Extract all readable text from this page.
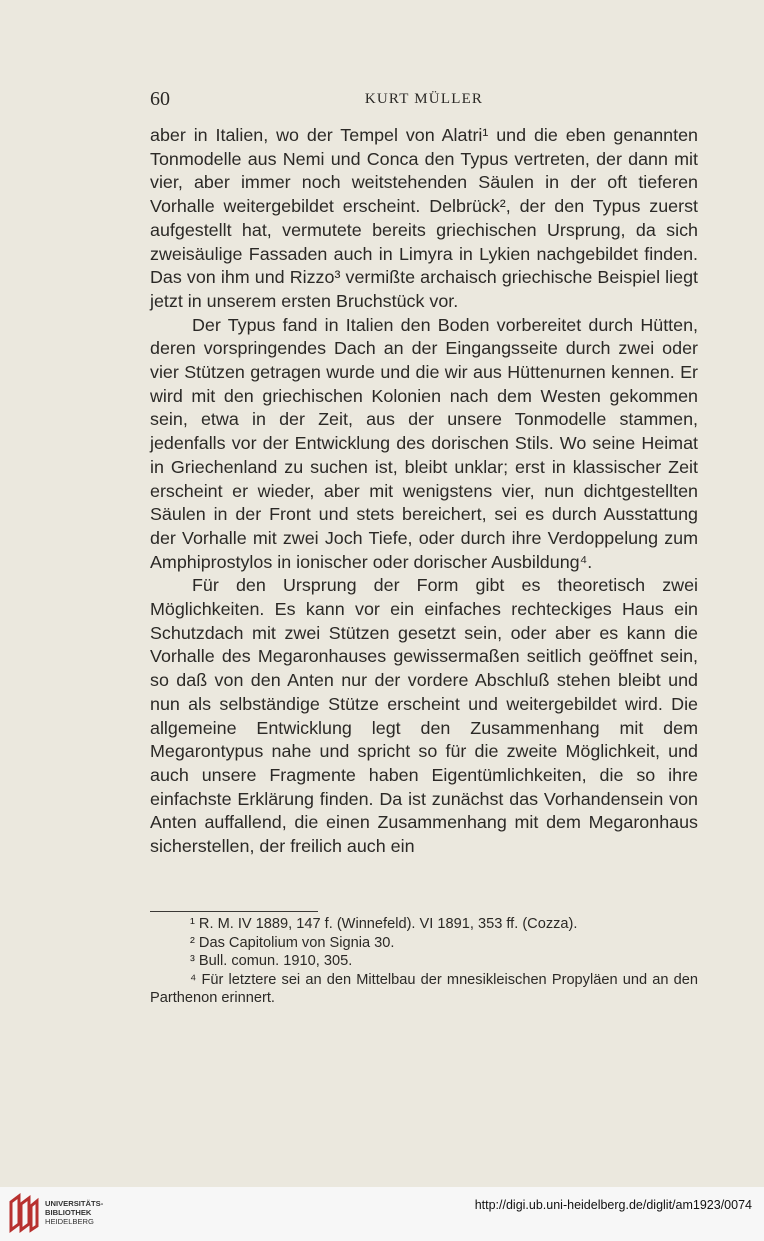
60	KURT MÜLLER

aber in Italien, wo der Tempel von Alatri¹ und die eben genannten Tonmodelle aus Nemi und Conca den Typus vertreten, der dann mit vier, aber immer noch weitstehenden Säulen in der oft tieferen Vorhalle weitergebildet erscheint. Delbrück², der den Typus zuerst aufgestellt hat, vermutete bereits griechischen Ursprung, da sich zweisäulige Fassaden auch in Limyra in Lykien nachgebildet finden. Das von ihm und Rizzo³ vermißte archaisch griechische Beispiel liegt jetzt in unserem ersten Bruchstück vor.

Der Typus fand in Italien den Boden vorbereitet durch Hütten, deren vorspringendes Dach an der Eingangsseite durch zwei oder vier Stützen getragen wurde und die wir aus Hüttenurnen kennen. Er wird mit den griechischen Kolonien nach dem Westen gekommen sein, etwa in der Zeit, aus der unsere Tonmodelle stammen, jedenfalls vor der Entwicklung des dorischen Stils. Wo seine Heimat in Griechenland zu suchen ist, bleibt unklar; erst in klassischer Zeit erscheint er wieder, aber mit wenigstens vier, nun dichtgestellten Säulen in der Front und stets bereichert, sei es durch Ausstattung der Vorhalle mit zwei Joch Tiefe, oder durch ihre Verdoppelung zum Amphiprostylos in ionischer oder dorischer Ausbildung⁴.

Für den Ursprung der Form gibt es theoretisch zwei Möglichkeiten. Es kann vor ein einfaches rechteckiges Haus ein Schutzdach mit zwei Stützen gesetzt sein, oder aber es kann die Vorhalle des Megaronhauses gewissermaßen seitlich geöffnet sein, so daß von den Anten nur der vordere Abschluß stehen bleibt und nun als selbständige Stütze erscheint und weitergebildet wird. Die allgemeine Entwicklung legt den Zusammenhang mit dem Megarontypus nahe und spricht so für die zweite Möglichkeit, und auch unsere Fragmente haben Eigentümlichkeiten, die so ihre einfachste Erklärung finden. Da ist zunächst das Vorhandensein von Anten auffallend, die einen Zusammenhang mit dem Megaronhaus sicherstellen, der freilich auch ein

¹ R. M. IV 1889, 147 f. (Winnefeld). VI 1891, 353 ff. (Cozza).

² Das Capitolium von Signia 30.

³ Bull. comun. 1910, 305.

⁴ Für letztere sei an den Mittelbau der mnesikleischen Propyläen und an den Parthenon erinnert.

UNIVERSITÄTS-
BIBLIOTHEK
HEIDELBERG
http://digi.ub.uni-heidelberg.de/diglit/am1923/0074
